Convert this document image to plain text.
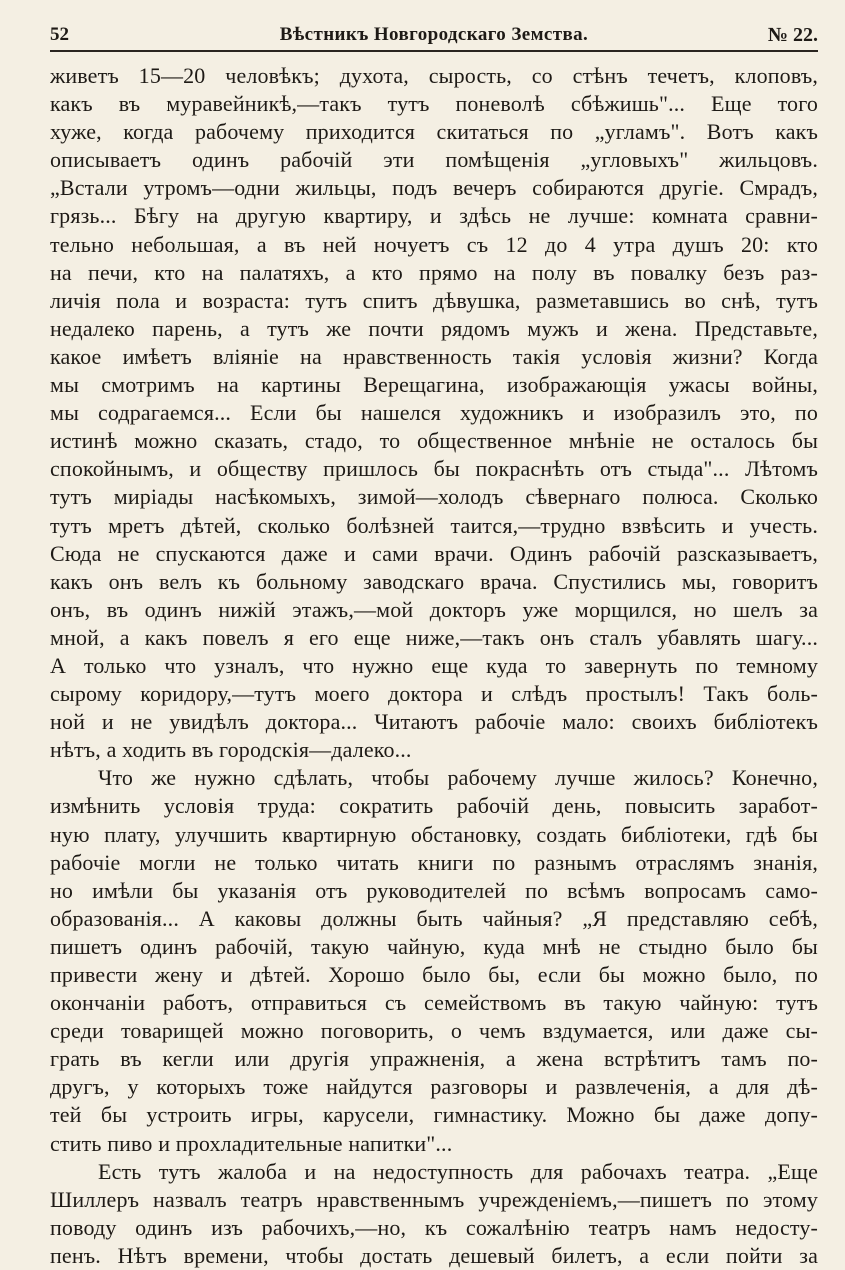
52	Вѣстникъ Новгородскаго Земства.	№ 22.
живетъ 15—20 человѣкъ; духота, сырость, со стѣнъ течетъ, клоповъ,
какъ въ муравейникѣ,—такъ тутъ поневолѣ сбѣжишь"... Еще того
хуже, когда рабочему приходится скитаться по „угламъ". Вотъ какъ
описываетъ одинъ рабочій эти помѣщенія „угловыхъ" жильцовъ.
„Встали утромъ—одни жильцы, подъ вечеръ собираются другіе. Смрадъ,
грязь... Бѣгу на другую квартиру, и здѣсь не лучше: комната сравни-
тельно небольшая, а въ ней ночуетъ съ 12 до 4 утра душъ 20: кто
на печи, кто на палатяхъ, а кто прямо на полу въ повалку безъ раз-
личія пола и возраста: тутъ спитъ дѣвушка, разметавшись во снѣ, тутъ
недалеко парень, а тутъ же почти рядомъ мужъ и жена. Представьте,
какое имѣетъ вліяніе на нравственность такія условія жизни? Когда
мы смотримъ на картины Верещагина, изображающія ужасы войны,
мы содрагаемся... Если бы нашелся художникъ и изобразилъ это, по
истинѣ можно сказать, стадо, то общественное мнѣніе не осталось бы
спокойнымъ, и обществу пришлось бы покраснѣть отъ стыда"... Лѣтомъ
тутъ миріады насѣкомыхъ, зимой—холодъ сѣвернаго полюса. Сколько
тутъ мретъ дѣтей, сколько болѣзней таится,—трудно взвѣсить и учесть.
Сюда не спускаются даже и сами врачи. Одинъ рабочій разсказываетъ,
какъ онъ велъ къ больному заводскаго врача. Спустились мы, говоритъ
онъ, въ одинъ нижій этажъ,—мой докторъ уже морщился, но шелъ за
мной, а какъ повелъ я его еще ниже,—такъ онъ сталъ убавлять шагу...
А только что узналъ, что нужно еще куда то завернуть по темному
сырому коридору,—тутъ моего доктора и слѣдъ простылъ! Такъ боль-
ной и не увидѣлъ доктора... Читаютъ рабочіе мало: своихъ библіотекъ
нѣтъ, а ходить въ городскія—далеко...
Что же нужно сдѣлать, чтобы рабочему лучше жилось? Конечно,
измѣнить условія труда: сократить рабочій день, повысить заработ-
ную плату, улучшить квартирную обстановку, создать библіотеки, гдѣ бы
рабочіе могли не только читать книги по разнымъ отраслямъ знанія,
но имѣли бы указанія отъ руководителей по всѣмъ вопросамъ само-
образованія... А каковы должны быть чайныя? „Я представляю себѣ,
пишетъ одинъ рабочій, такую чайную, куда мнѣ не стыдно было бы
привести жену и дѣтей. Хорошо было бы, если бы можно было, по
окончаніи работъ, отправиться съ семействомъ въ такую чайную: тутъ
среди товарищей можно поговорить, о чемъ вздумается, или даже сы-
грать въ кегли или другія упражненія, а жена встрѣтитъ тамъ по-
другъ, у которыхъ тоже найдутся разговоры и развлеченія, а для дѣ-
тей бы устроить игры, карусели, гимнастику. Можно бы даже допу-
стить пиво и прохладительные напитки"...
Есть тутъ жалоба и на недоступность для рабочахъ театра. „Еще
Шиллеръ назвалъ театръ нравственнымъ учрежденіемъ,—пишетъ по этому
поводу одинъ изъ рабочихъ,—но, къ сожалѣнію театръ намъ недосту-
пенъ. Нѣтъ времени, чтобы достать дешевый билетъ, а если пойти за
